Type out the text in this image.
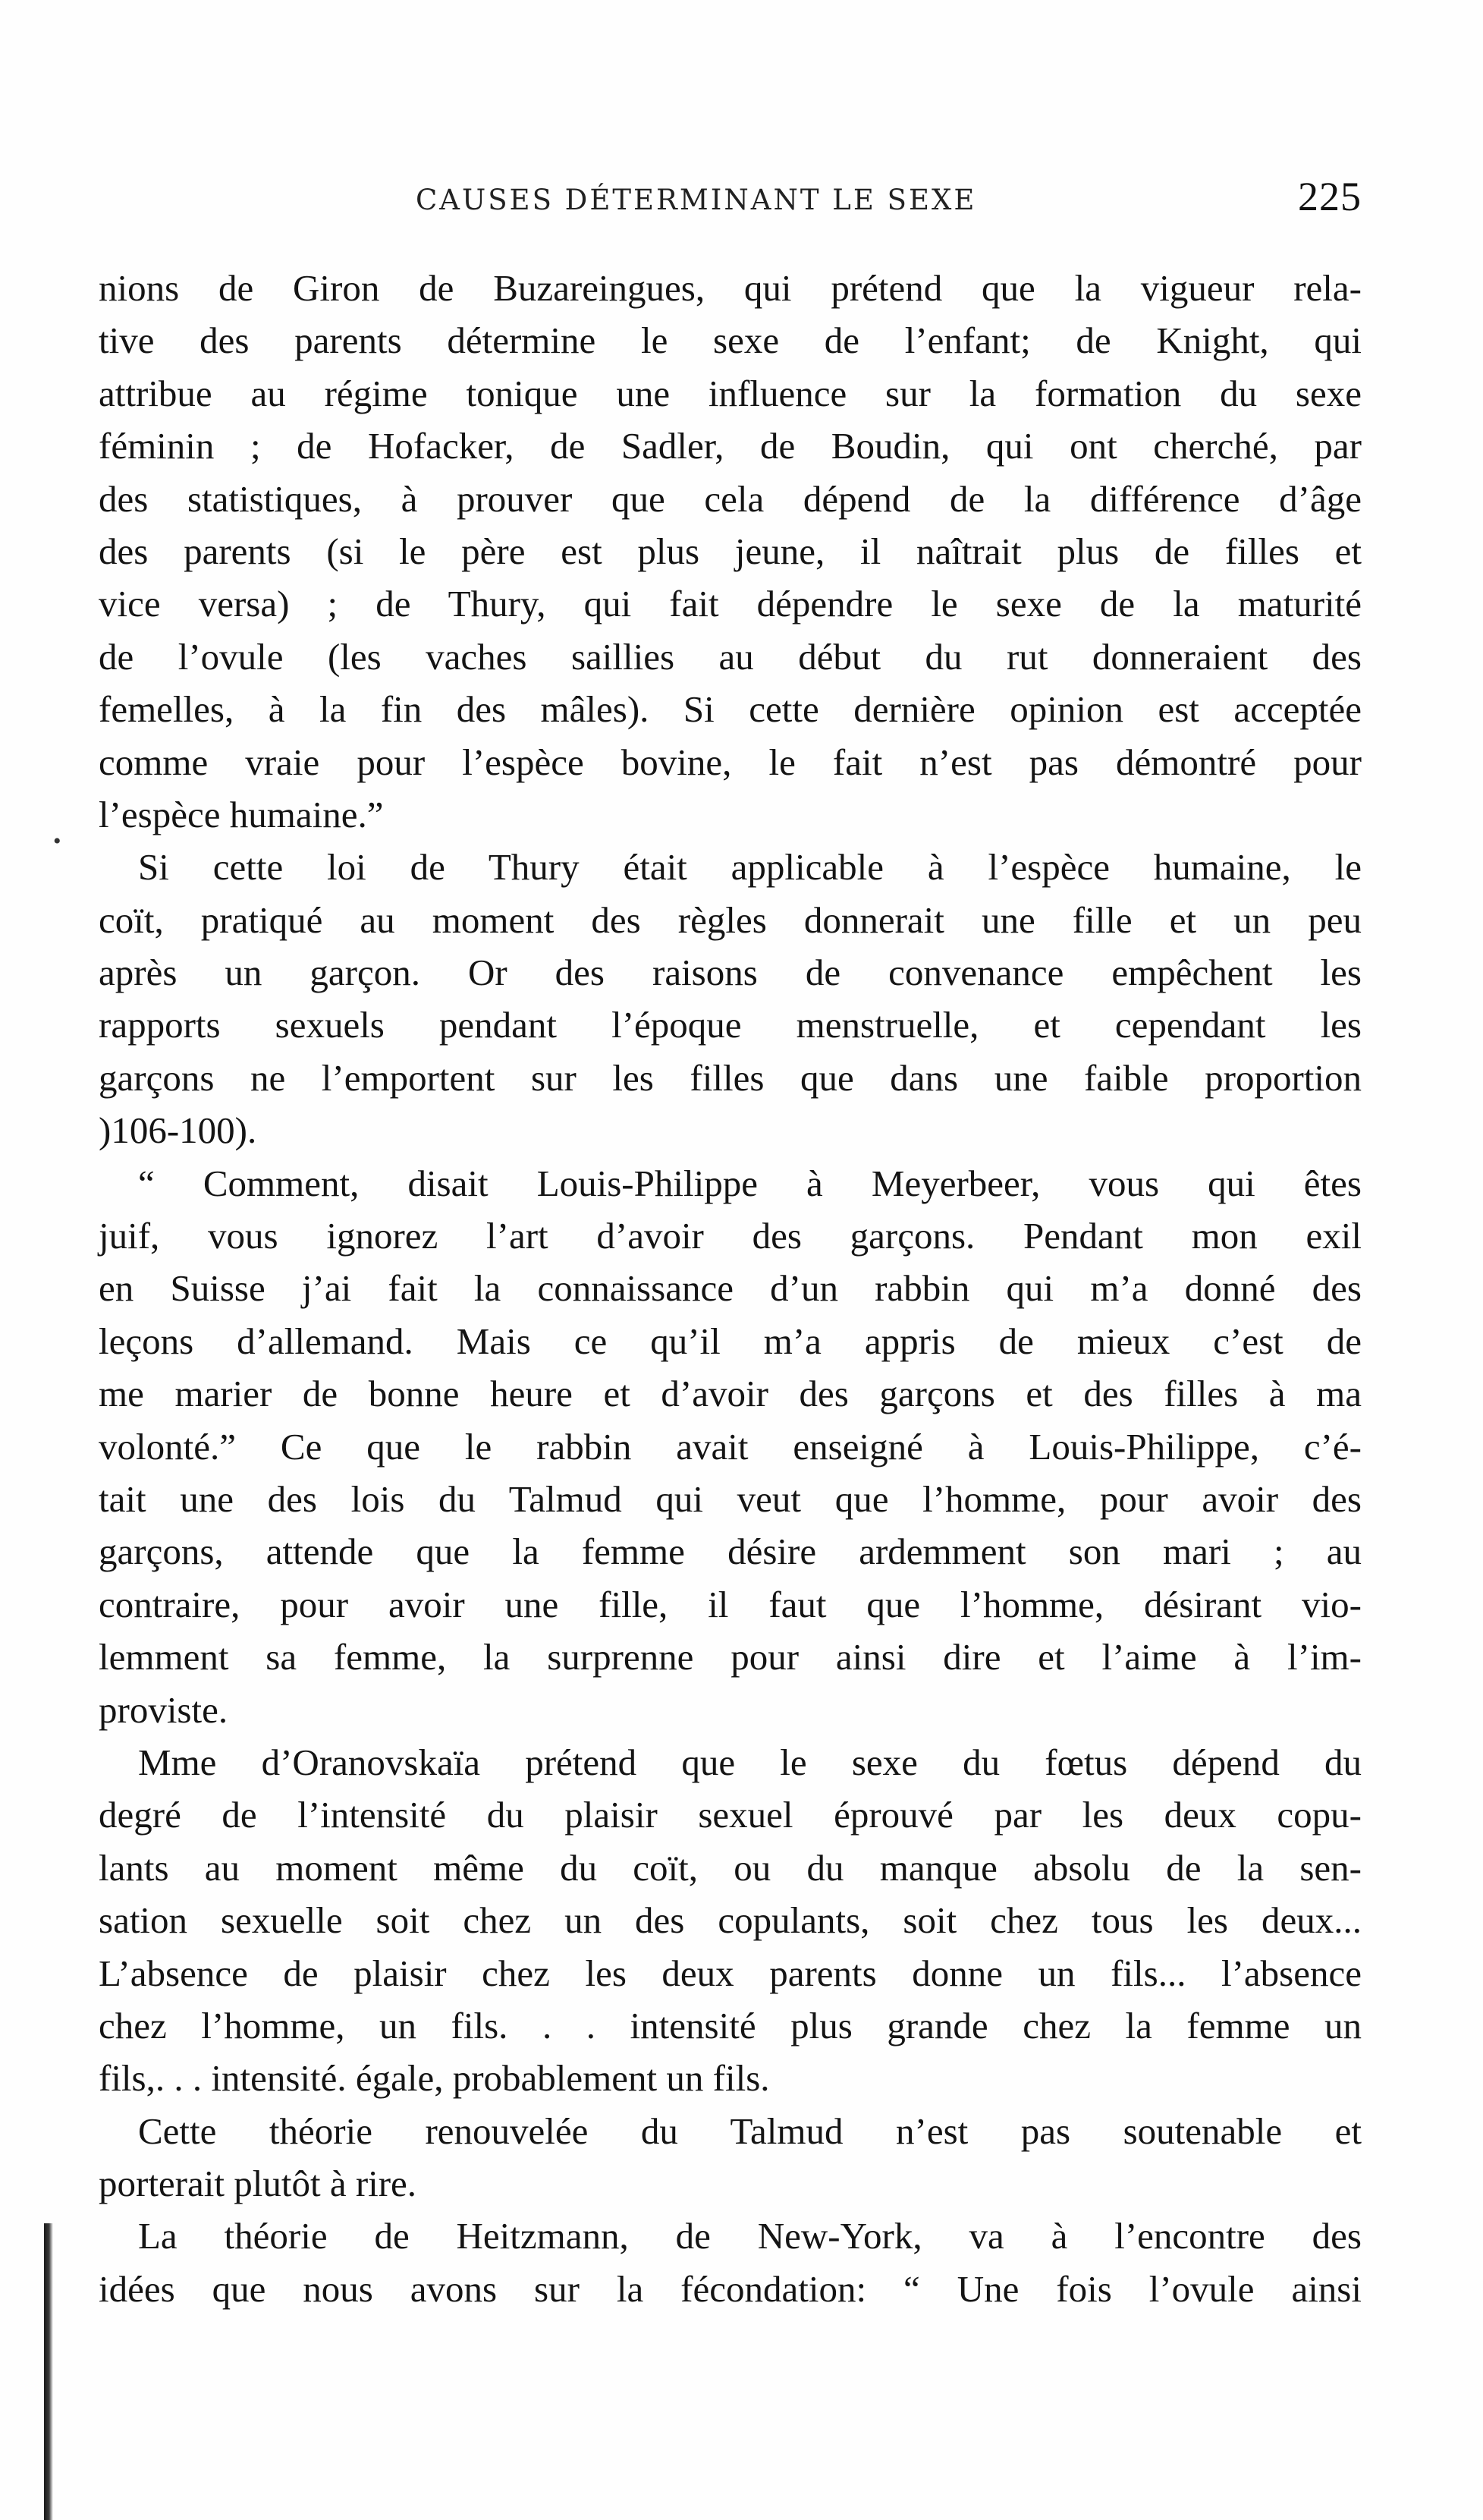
CAUSES DÉTERMINANT LE SEXE	225
•
nions de Giron de Buzareingues, qui prétend que la vigueur rela-
tive des parents détermine le sexe de l’enfant; de Knight, qui
attribue au régime tonique une influence sur la formation du sexe
féminin ; de Hofacker, de Sadler, de Boudin, qui ont cherché, par
des statistiques, à prouver que cela dépend de la différence d’âge
des parents (si le père est plus jeune, il naîtrait plus de filles et
vice versa) ; de Thury, qui fait dépendre le sexe de la maturité
de l’ovule (les vaches saillies au début du rut donneraient des
femelles, à la fin des mâles). Si cette dernière opinion est acceptée
comme vraie pour l’espèce bovine, le fait n’est pas démontré pour
l’espèce humaine.”
Si cette loi de Thury était applicable à l’espèce humaine, le
coït, pratiqué au moment des règles donnerait une fille et un peu
après un garçon. Or des raisons de convenance empêchent les
rapports sexuels pendant l’époque menstruelle, et cependant les
garçons ne l’emportent sur les filles que dans une faible proportion
)106-100).
“ Comment, disait Louis-Philippe à Meyerbeer, vous qui êtes
juif, vous ignorez l’art d’avoir des garçons. Pendant mon exil
en Suisse j’ai fait la connaissance d’un rabbin qui m’a donné des
leçons d’allemand. Mais ce qu’il m’a appris de mieux c’est de
me marier de bonne heure et d’avoir des garçons et des filles à ma
volonté.” Ce que le rabbin avait enseigné à Louis-Philippe, c’é-
tait une des lois du Talmud qui veut que l’homme, pour avoir des
garçons, attende que la femme désire ardemment son mari ; au
contraire, pour avoir une fille, il faut que l’homme, désirant vio-
lemment sa femme, la surprenne pour ainsi dire et l’aime à l’im-
proviste.
Mme d’Oranovskaïa prétend que le sexe du fœtus dépend du
degré de l’intensité du plaisir sexuel éprouvé par les deux copu-
lants au moment même du coït, ou du manque absolu de la sen-
sation sexuelle soit chez un des copulants, soit chez tous les deux...
L’absence de plaisir chez les deux parents donne un fils... l’absence
chez l’homme, un fils. . . intensité plus grande chez la femme un
fils,. . . intensité. égale, probablement un fils.
Cette théorie renouvelée du Talmud n’est pas soutenable et
porterait plutôt à rire.
La théorie de Heitzmann, de New-York, va à l’encontre des
idées que nous avons sur la fécondation: “ Une fois l’ovule ainsi
